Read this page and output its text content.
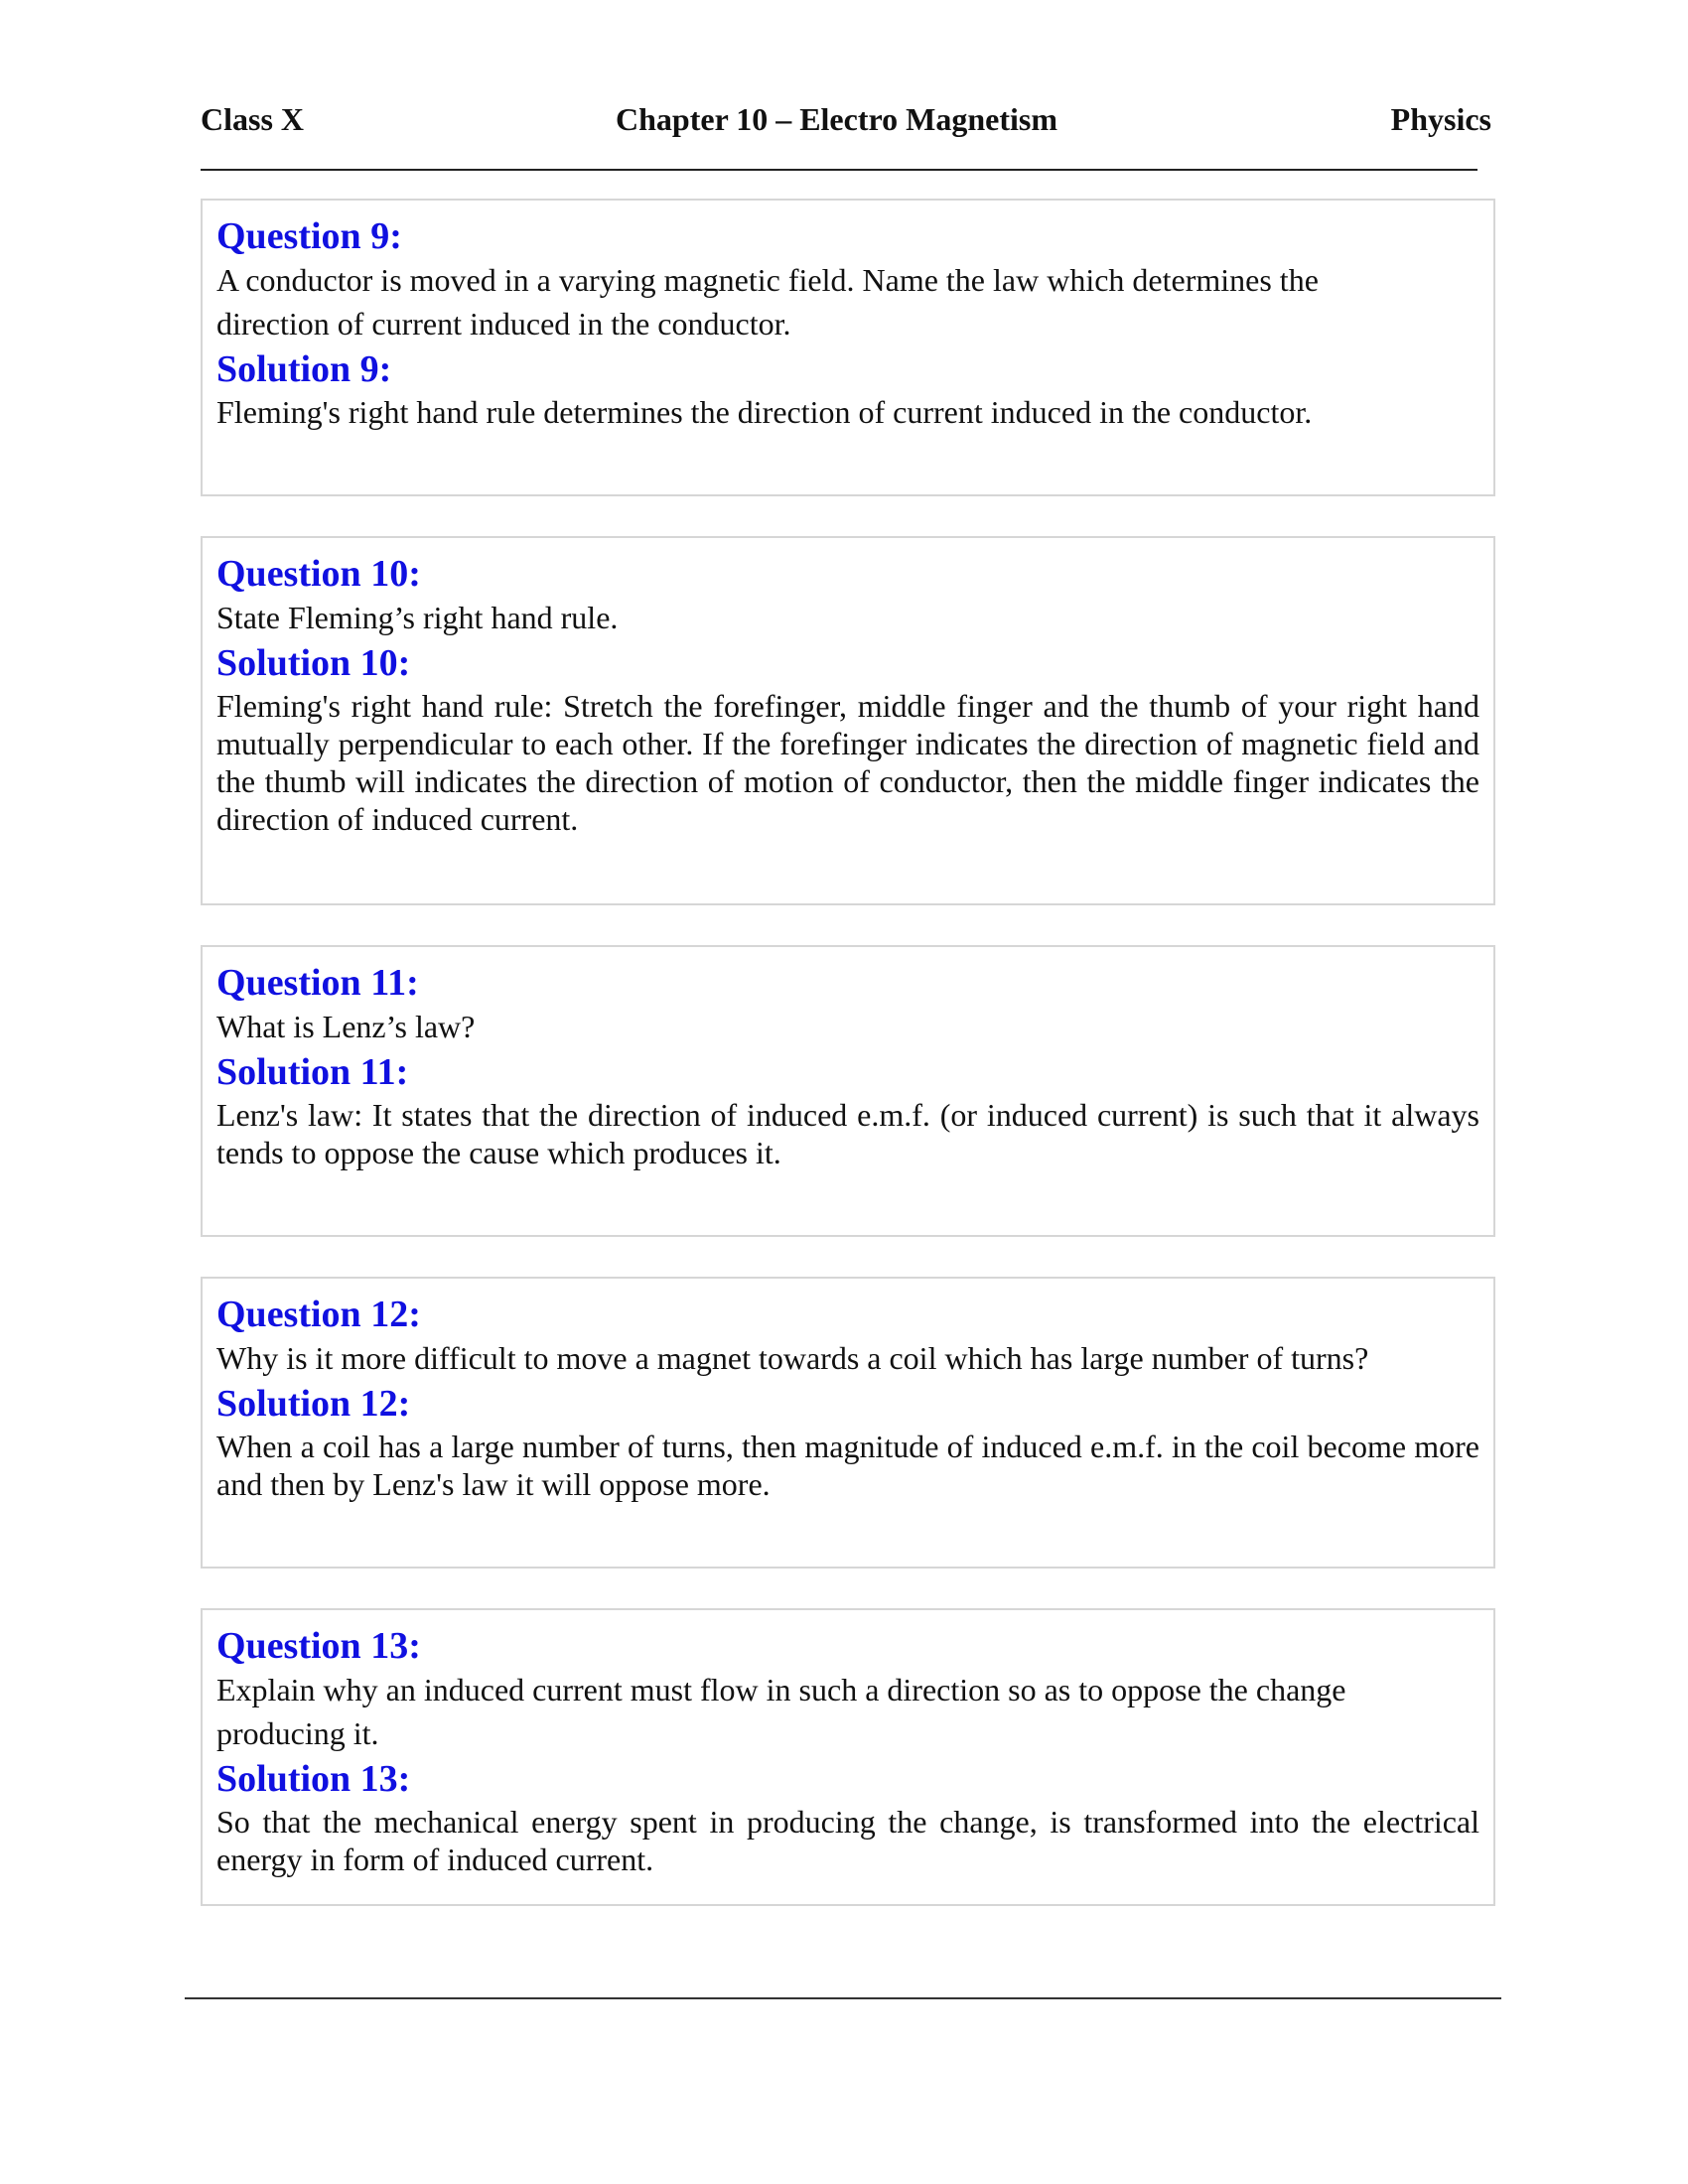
Class X	Chapter 10 – Electro Magnetism	Physics
Question 9:
A conductor is moved in a varying magnetic field. Name the law which determines the direction of current induced in the conductor.
Solution 9:
Fleming's right hand rule determines the direction of current induced in the conductor.
Question 10:
State Fleming’s right hand rule.
Solution 10:
Fleming's right hand rule: Stretch the forefinger, middle finger and the thumb of your right hand mutually perpendicular to each other. If the forefinger indicates the direction of magnetic field and the thumb will indicates the direction of motion of conductor, then the middle finger indicates the direction of induced current.
Question 11:
What is Lenz’s law?
Solution 11:
Lenz's law: It states that the direction of induced e.m.f. (or induced current) is such that it always tends to oppose the cause which produces it.
Question 12:
Why is it more difficult to move a magnet towards a coil which has large number of turns?
Solution 12:
When a coil has a large number of turns, then magnitude of induced e.m.f. in the coil become more and then by Lenz's law it will oppose more.
Question 13:
Explain why an induced current must flow in such a direction so as to oppose the change producing it.
Solution 13:
So that the mechanical energy spent in producing the change, is transformed into the electrical energy in form of induced current.
